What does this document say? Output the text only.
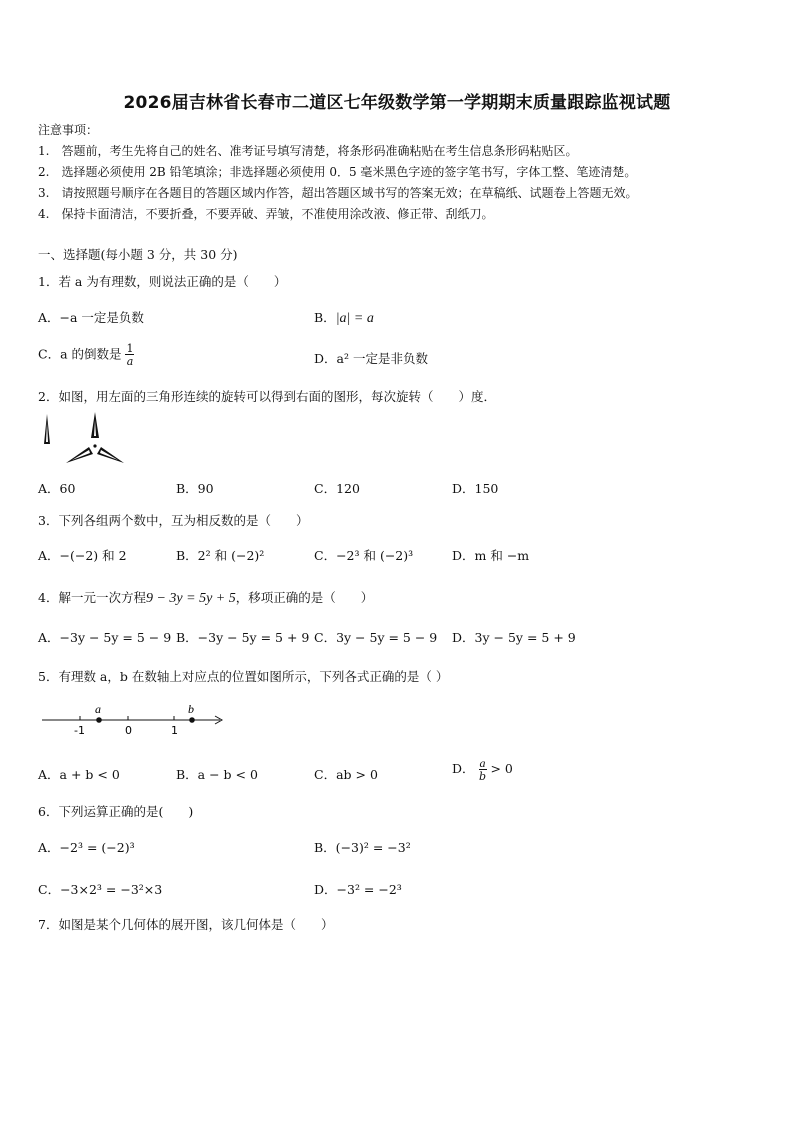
2026届吉林省长春市二道区七年级数学第一学期期末质量跟踪监视试题
注意事项：
1.　答题前，考生先将自己的姓名、准考证号填写清楚，将条形码准确粘贴在考生信息条形码粘贴区。
2.　选择题必须使用 2B 铅笔填涂；非选择题必须使用 0．5 毫米黑色字迹的签字笔书写，字体工整、笔迹清楚。
3.　请按照题号顺序在各题目的答题区域内作答，超出答题区域书写的答案无效；在草稿纸、试题卷上答题无效。
4.　保持卡面清洁，不要折叠，不要弄破、弄皱，不准使用涂改液、修正带、刮纸刀。
一、选择题(每小题 3 分，共 30 分)
1．若 a 为有理数，则说法正确的是（　　）
A．−a 一定是负数	B．|a| = a
C．a 的倒数是 $\frac{1}{a}$	D．a² 一定是非负数
2．如图，用左面的三角形连续的旋转可以得到右面的图形，每次旋转（　　）度．
A．60	B．90	C．120	D．150
3．下列各组两个数中，互为相反数的是（　　）
A．−(−2) 和 2	B．2² 和 (−2)²	C．−2³ 和 (−2)³	D．m 和 −m
4．解一元一次方程9 − 3y = 5y + 5，移项正确的是（　　）
A．−3y − 5y = 5 − 9 B．−3y − 5y = 5 + 9 C．3y − 5y = 5 − 9 D．3y − 5y = 5 + 9
5．有理数 a，b 在数轴上对应点的位置如图所示，下列各式正确的是（ ）
a	b
-1	0	1
A．a + b < 0	B．a − b < 0	C．ab > 0	D． $\frac{a}{b} > 0$
6．下列运算正确的是(　　)
A．−2³ = (−2)³	B．(−3)² = −3²
C．−3×2³ = −3²×3	D．−3² = −2³
7．如图是某个几何体的展开图，该几何体是（　　）
